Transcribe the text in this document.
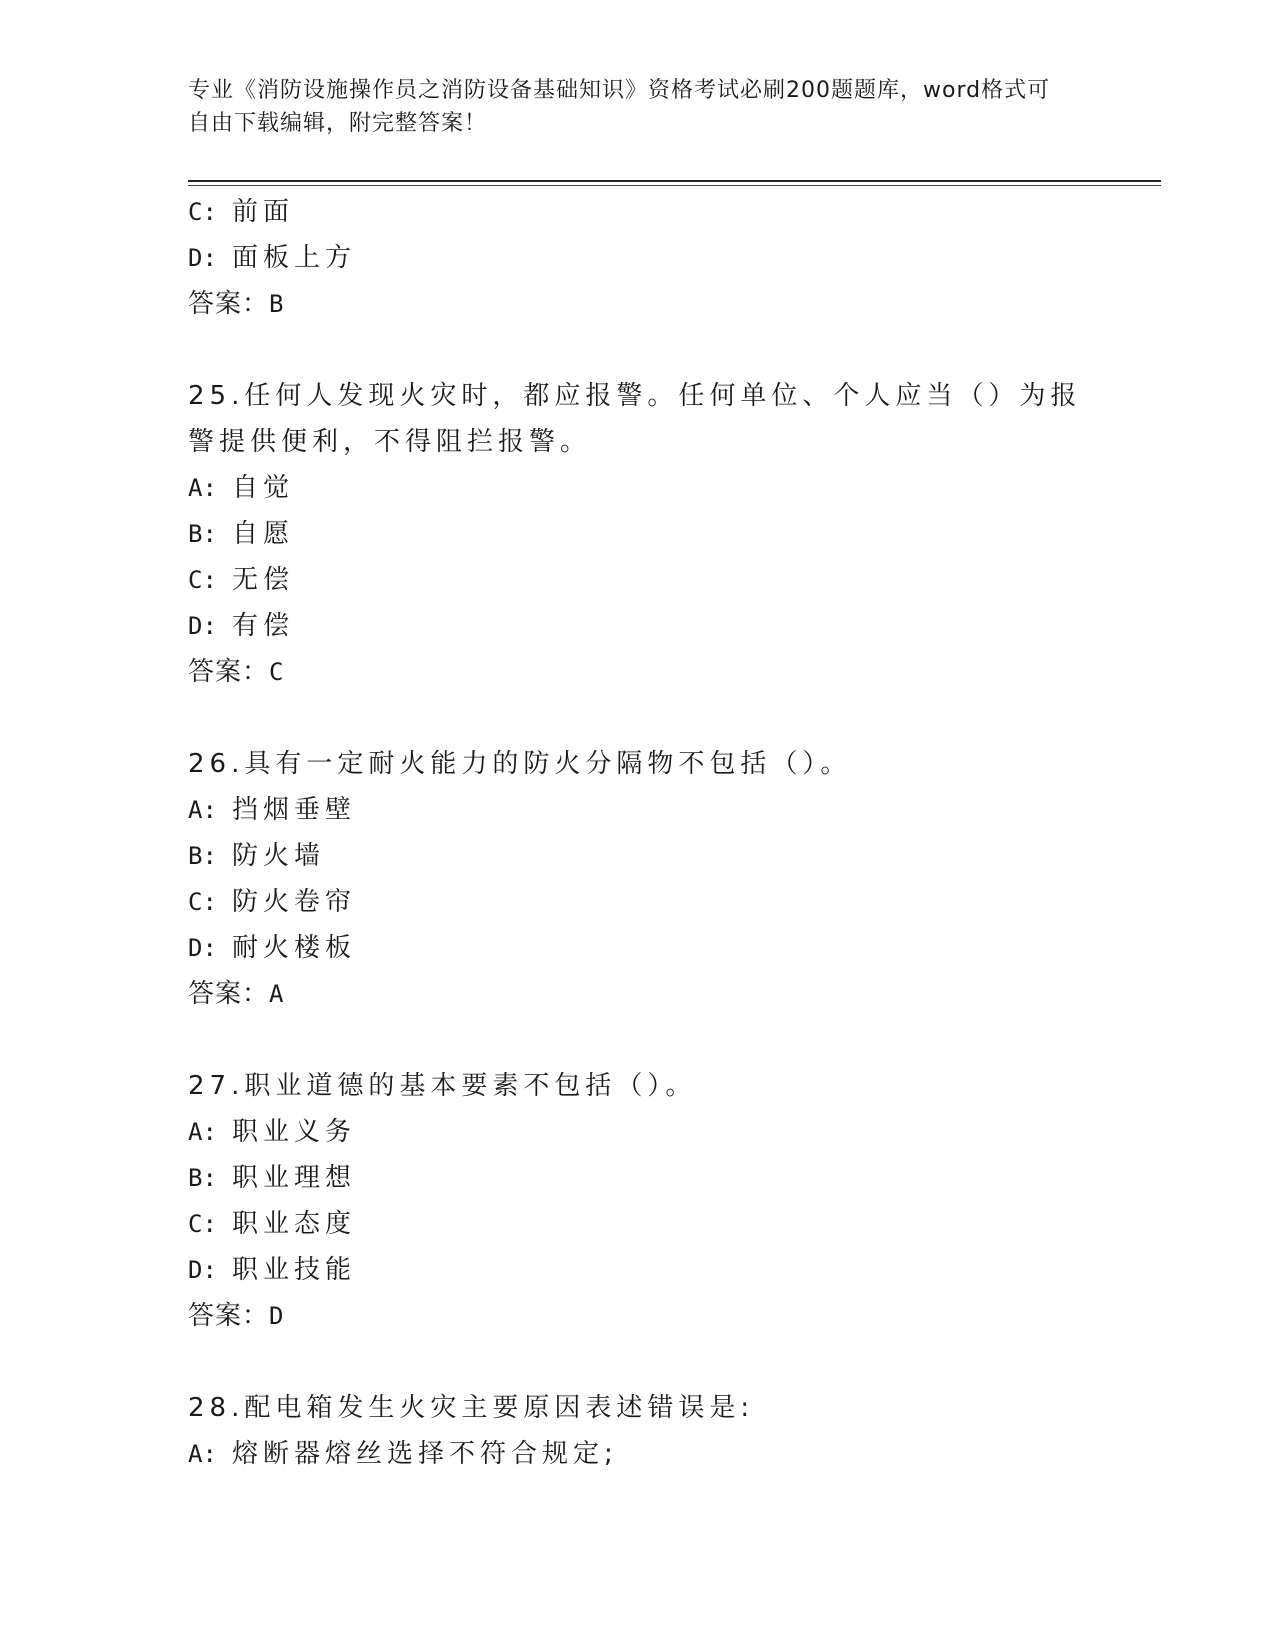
专业《消防设施操作员之消防设备基础知识》资格考试必刷200题题库，word格式可自由下载编辑，附完整答案！
C: 前面
D: 面板上方
答案：B
25.任何人发现火灾时，都应报警。任何单位、个人应当（）为报警提供便利，不得阻拦报警。
A: 自觉
B: 自愿
C: 无偿
D: 有偿
答案：C
26.具有一定耐火能力的防火分隔物不包括（）。
A: 挡烟垂壁
B: 防火墙
C: 防火卷帘
D: 耐火楼板
答案：A
27.职业道德的基本要素不包括（）。
A: 职业义务
B: 职业理想
C: 职业态度
D: 职业技能
答案：D
28.配电箱发生火灾主要原因表述错误是:
A: 熔断器熔丝选择不符合规定;
